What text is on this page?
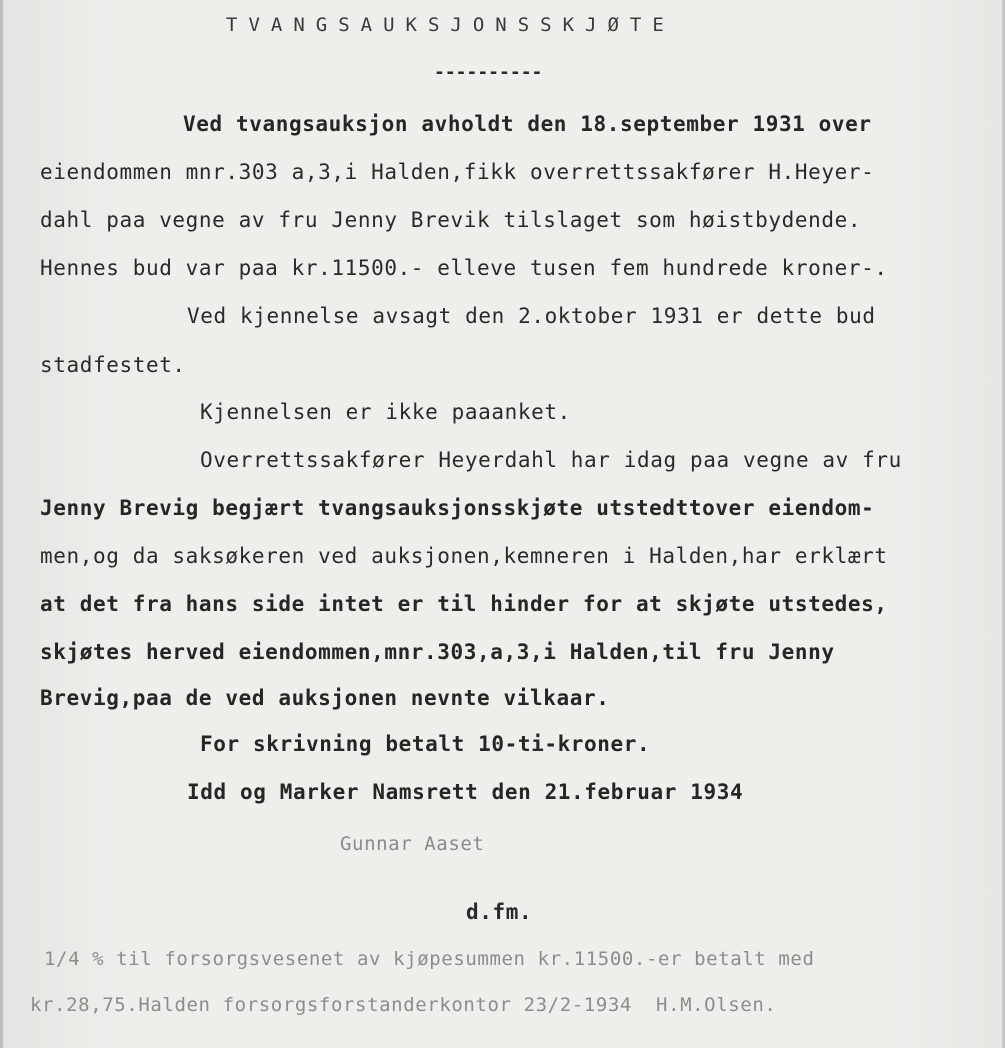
TVANGSAUKSJONSSKJØTE
----------
Ved tvangsauksjon avholdt den 18.september 1931 over
eiendommen mnr.303 a,3,i Halden,fikk overrettssakfører H.Heyer-
dahl paa vegne av fru Jenny Brevik tilslaget som høistbydende.
Hennes bud var paa kr.11500.- elleve tusen fem hundrede kroner-.
Ved kjennelse avsagt den 2.oktober 1931 er dette bud
stadfestet.
Kjennelsen er ikke paaanket.
Overrettssakfører Heyerdahl har idag paa vegne av fru
Jenny Brevig begjært tvangsauksjonsskjøte utstedttover eiendom-
men,og da saksøkeren ved auksjonen,kemneren i Halden,har erklært
at det fra hans side intet er til hinder for at skjøte utstedes,
skjøtes herved eiendommen,mnr.303,a,3,i Halden,til fru Jenny
Brevig,paa de ved auksjonen nevnte vilkaar.
For skrivning betalt 10-ti-kroner.
Idd og Marker Namsrett den 21.februar 1934
Gunnar Aaset
d.fm.
1/4 % til forsorgsvesenet av kjøpesummen kr.11500.-er betalt med
kr.28,75.Halden forsorgsforstanderkontor 23/2-1934  H.M.Olsen.
